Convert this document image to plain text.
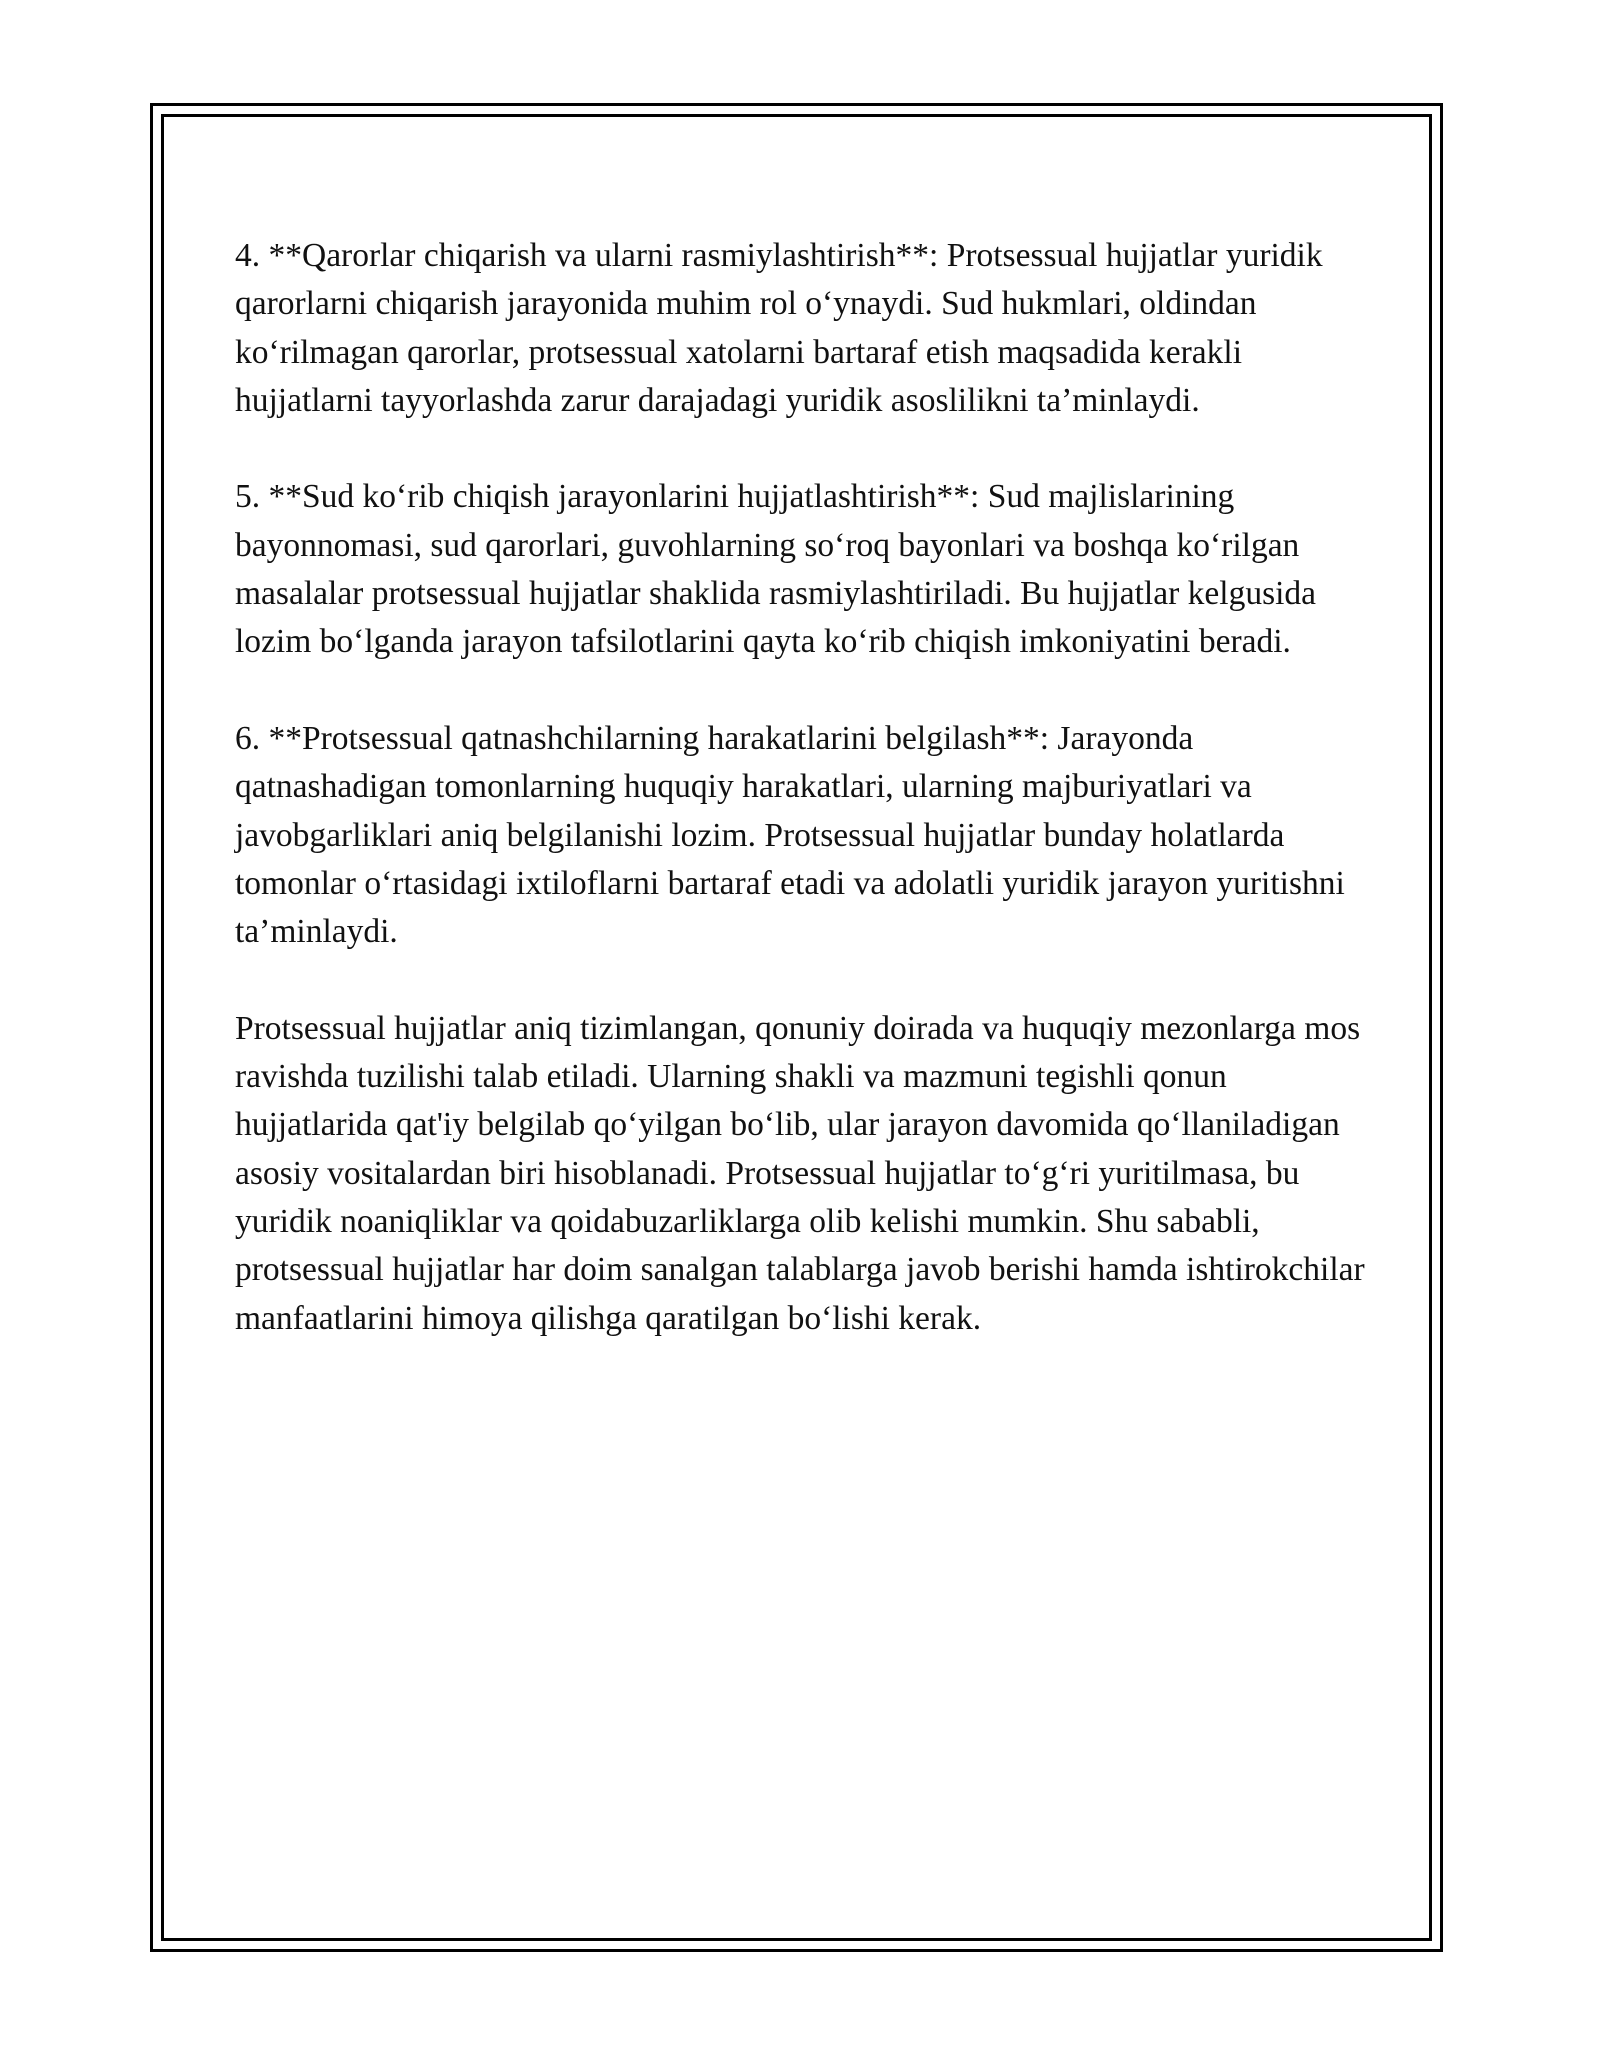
4. **Qarorlar chiqarish va ularni rasmiylashtirish**: Protsessual hujjatlar yuridik qarorlarni chiqarish jarayonida muhim rol o‘ynaydi. Sud hukmlari, oldindan ko‘rilmagan qarorlar, protsessual xatolarni bartaraf etish maqsadida kerakli hujjatlarni tayyorlashda zarur darajadagi yuridik asoslilikni ta’minlaydi.

5. **Sud ko‘rib chiqish jarayonlarini hujjatlashtirish**: Sud majlislarining bayonnomasi, sud qarorlari, guvohlarning so‘roq bayonlari va boshqa ko‘rilgan masalalar protsessual hujjatlar shaklida rasmiylashtiriladi. Bu hujjatlar kelgusida lozim bo‘lganda jarayon tafsilotlarini qayta ko‘rib chiqish imkoniyatini beradi.

6. **Protsessual qatnashchilarning harakatlarini belgilash**: Jarayonda qatnashadigan tomonlarning huquqiy harakatlari, ularning majburiyatlari va javobgarliklari aniq belgilanishi lozim. Protsessual hujjatlar bunday holatlarda tomonlar o‘rtasidagi ixtiloflarni bartaraf etadi va adolatli yuridik jarayon yuritishni ta’minlaydi.

Protsessual hujjatlar aniq tizimlangan, qonuniy doirada va huquqiy mezonlarga mos ravishda tuzilishi talab etiladi. Ularning shakli va mazmuni tegishli qonun hujjatlarida qat'iy belgilab qo‘yilgan bo‘lib, ular jarayon davomida qo‘llaniladigan asosiy vositalardan biri hisoblanadi. Protsessual hujjatlar to‘g‘ri yuritilmasa, bu yuridik noaniqliklar va qoidabuzarliklarga olib kelishi mumkin. Shu sababli, protsessual hujjatlar har doim sanalgan talablarga javob berishi hamda ishtirokchilar manfaatlarini himoya qilishga qaratilgan bo‘lishi kerak.
